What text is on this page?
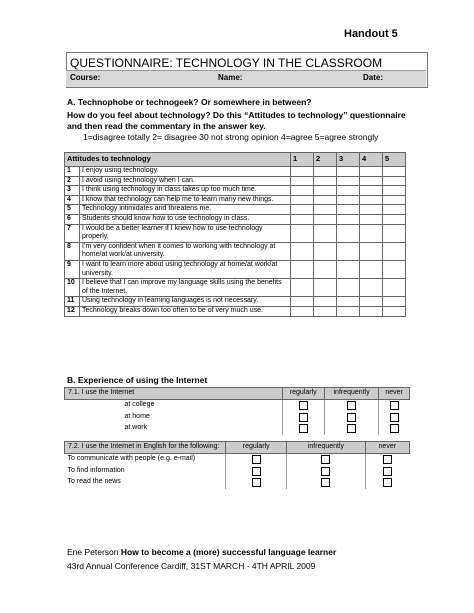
Handout 5
QUESTIONNAIRE: TECHNOLOGY IN THE CLASSROOM
Course:	Name:	Date:
A. Technophobe or technogeek? Or somewhere in between?
How do you feel about technology? Do this “Attitudes to technology” questionnaire and then read the commentary in the answer key.
1=disagree totally 2= disagree 30 not strong opinion 4=agree 5=agree strongly
Attitudes to technology		1	2	3	4	5
1	I enjoy using technology.					
2	I avoid using technology when I can.					
3	I think using technology in class takes up too much time.					
4	I know that technology can help me to learn many new things.					
5	Technology intimidates and threatens me.					
6	Students should know how to use technology in class.					
7	I would be a better learner if I knew how to use technology properly.					
8	I’m very confident when it comes to working with technology at home/at work/at university.					
9	I want to learn more about using technology at home/at work/at university.					
10	I believe that I can improve my language skills using the benefits of the Internet.					
11	Using technology in learning languages is not necessary.					
12	Technology breaks down too often to be of very much use.					
B. Experience of using the Internet
7.1. I use the Internet	regularly	infrequently	never
at college			
at home			
at work			
7.2. I use the Internet in English for the following:	regularly	infrequently	never
To communicate with people (e.g. e-mail)			
To find information			
To read the news			
Ene Peterson How to become a (more) successful language learner
43rd Annual Conference Cardiff, 31ST MARCH - 4TH APRIL 2009
